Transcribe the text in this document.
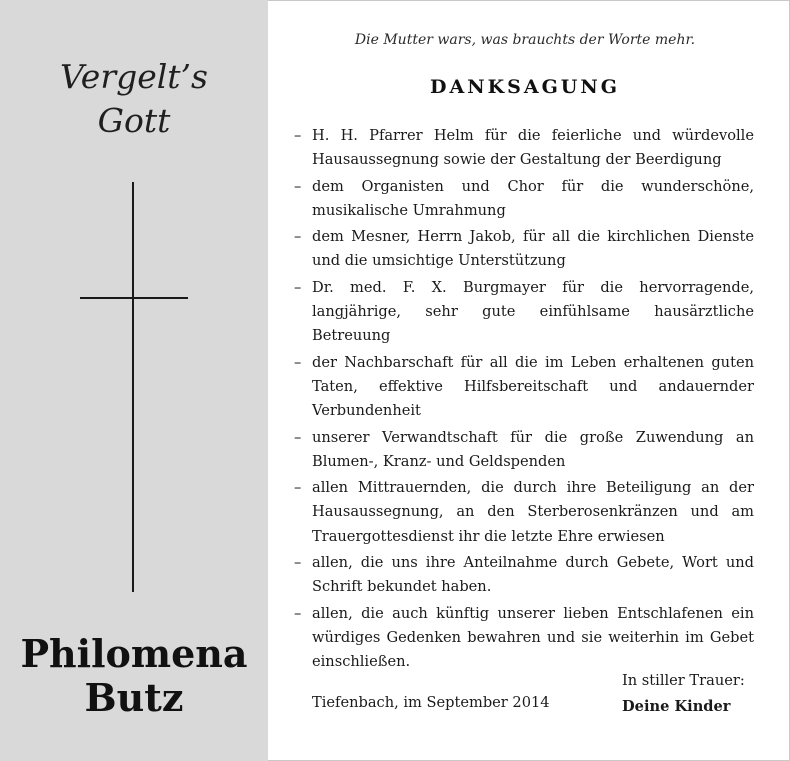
Vergelt’s
Gott
Philomena
Butz
Die Mutter wars, was brauchts der Worte mehr.
DANKSAGUNG
– H. H. Pfarrer Helm für die feierliche und würdevolle Hausaussegnung sowie der Gestaltung der Beerdigung
– dem Organisten und Chor für die wunderschöne, musikalische Umrahmung
– dem Mesner, Herrn Jakob, für all die kirchlichen Dienste und die umsichtige Unterstützung
– Dr. med. F. X. Burgmayer für die hervorragende, langjährige, sehr gute einfühlsame hausärztliche Betreuung
– der Nachbarschaft für all die im Leben erhaltenen guten Taten, effektive Hilfsbereitschaft und andauernder Verbundenheit
– unserer Verwandtschaft für die große Zuwendung an Blumen-, Kranz- und Geldspenden
– allen Mittrauernden, die durch ihre Beteiligung an der Hausaussegnung, an den Sterberosenkränzen und am Trauergottesdienst ihr die letzte Ehre erwiesen
– allen, die uns ihre Anteilnahme durch Gebete, Wort und Schrift bekundet haben.
– allen, die auch künftig unserer lieben Entschlafenen ein würdiges Gedenken bewahren und sie weiterhin im Gebet einschließen.
Tiefenbach, im September 2014
In stiller Trauer:
Deine Kinder
